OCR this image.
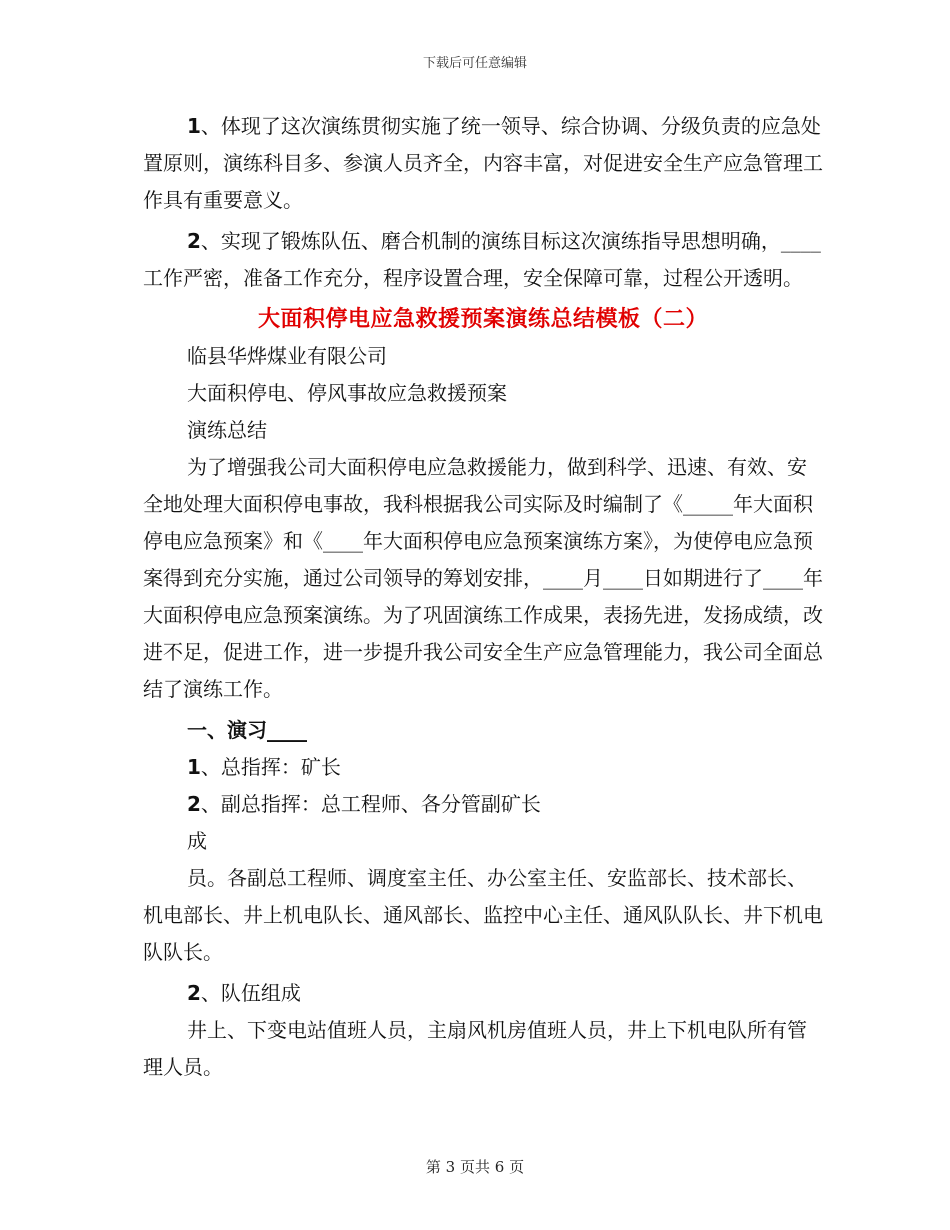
下载后可任意编辑

1、体现了这次演练贯彻实施了统一领导、综合协调、分级负责的应急处置原则，演练科目多、参演人员齐全，内容丰富，对促进安全生产应急管理工作具有重要意义。

2、实现了锻炼队伍、磨合机制的演练目标这次演练指导思想明确，____工作严密，准备工作充分，程序设置合理，安全保障可靠，过程公开透明。

大面积停电应急救援预案演练总结模板（二）

临县华烨煤业有限公司

大面积停电、停风事故应急救援预案

演练总结

为了增强我公司大面积停电应急救援能力，做到科学、迅速、有效、安全地处理大面积停电事故，我科根据我公司实际及时编制了《_____年大面积停电应急预案》和《____年大面积停电应急预案演练方案》，为使停电应急预案得到充分实施，通过公司领导的筹划安排，____月____日如期进行了____年大面积停电应急预案演练。为了巩固演练工作成果，表扬先进，发扬成绩，改进不足，促进工作，进一步提升我公司安全生产应急管理能力，我公司全面总结了演练工作。

一、演习____

1、总指挥：矿长

2、副总指挥：总工程师、各分管副矿长

成

员。各副总工程师、调度室主任、办公室主任、安监部长、技术部长、机电部长、井上机电队长、通风部长、监控中心主任、通风队队长、井下机电队队长。

2、队伍组成

井上、下变电站值班人员，主扇风机房值班人员，井上下机电队所有管理人员。

第 3 页共 6 页
